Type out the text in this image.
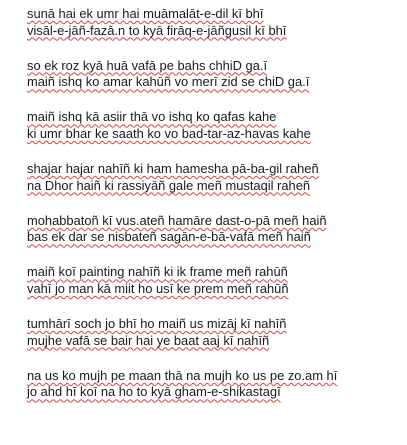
sunā hai ek umr hai muāmalāt-e-dil kī bhī
visāl-e-jāñ-fazā.n to kyā firāq-e-jāñgusil kī bhī
so ek roz kyā huā vafā pe bahs chhiD ga.ī
maiñ ishq ko amar kahūñ vo merī zid se chiD ga.ī
maiñ ishq kā asiir thā vo ishq ko qafas kahe
ki umr bhar ke saath ko vo bad-tar-az-havas kahe
shajar hajar nahīñ ki ham hamesha pā-ba-gil raheñ
na Dhor haiñ ki rassiyāñ gale meñ mustaqil raheñ
mohabbatoñ kī vus.ateñ hamāre dast-o-pā meñ haiñ
bas ek dar se nisbateñ sagān-e-bā-vafā meñ haiñ
maiñ koī painting nahīñ ki ik frame meñ rahūñ
vahī jo man kā miit ho usī ke prem meñ rahūñ
tumhārī soch jo bhī ho maiñ us mizāj kī nahīñ
mujhe vafā se bair hai ye baat aaj kī nahīñ
na us ko mujh pe maan thā na mujh ko us pe zo.am hī
jo ahd hī koī na ho to kyā gham-e-shikastagī
